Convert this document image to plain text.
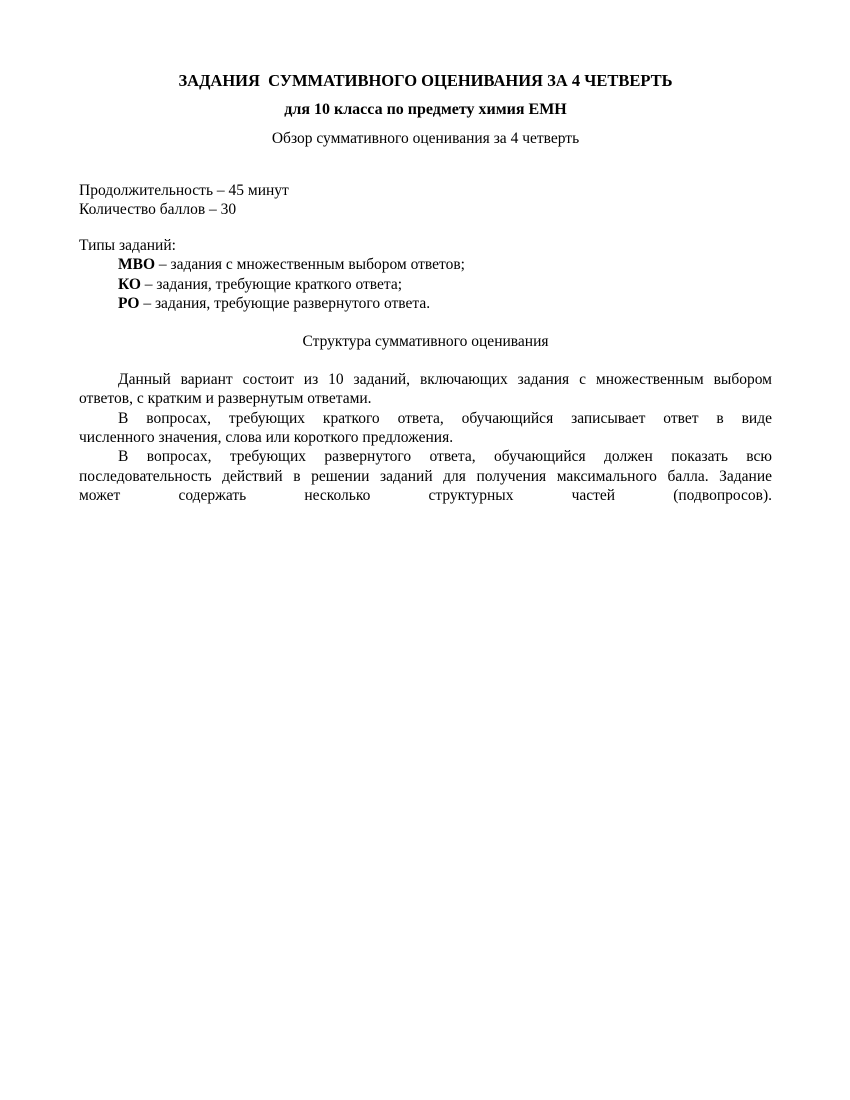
ЗАДАНИЯ  СУММАТИВНОГО ОЦЕНИВАНИЯ ЗА 4 ЧЕТВЕРТЬ
для 10 класса по предмету химия ЕМН
Обзор суммативного оценивания за 4 четверть
Продолжительность – 45 минут
Количество баллов – 30
Типы заданий:
МВО – задания с множественным выбором ответов;
КО – задания, требующие краткого ответа;
РО – задания, требующие развернутого ответа.
Структура суммативного оценивания
Данный вариант состоит из 10 заданий, включающих задания с множественным выбором
ответов, с кратким и развернутым ответами.
В вопросах, требующих краткого ответа, обучающийся записывает ответ в виде
численного значения, слова или короткого предложения.
В вопросах, требующих развернутого ответа, обучающийся должен показать всю
последовательность действий в решении заданий для получения максимального балла. Задание
может содержать несколько структурных частей (подвопросов).
